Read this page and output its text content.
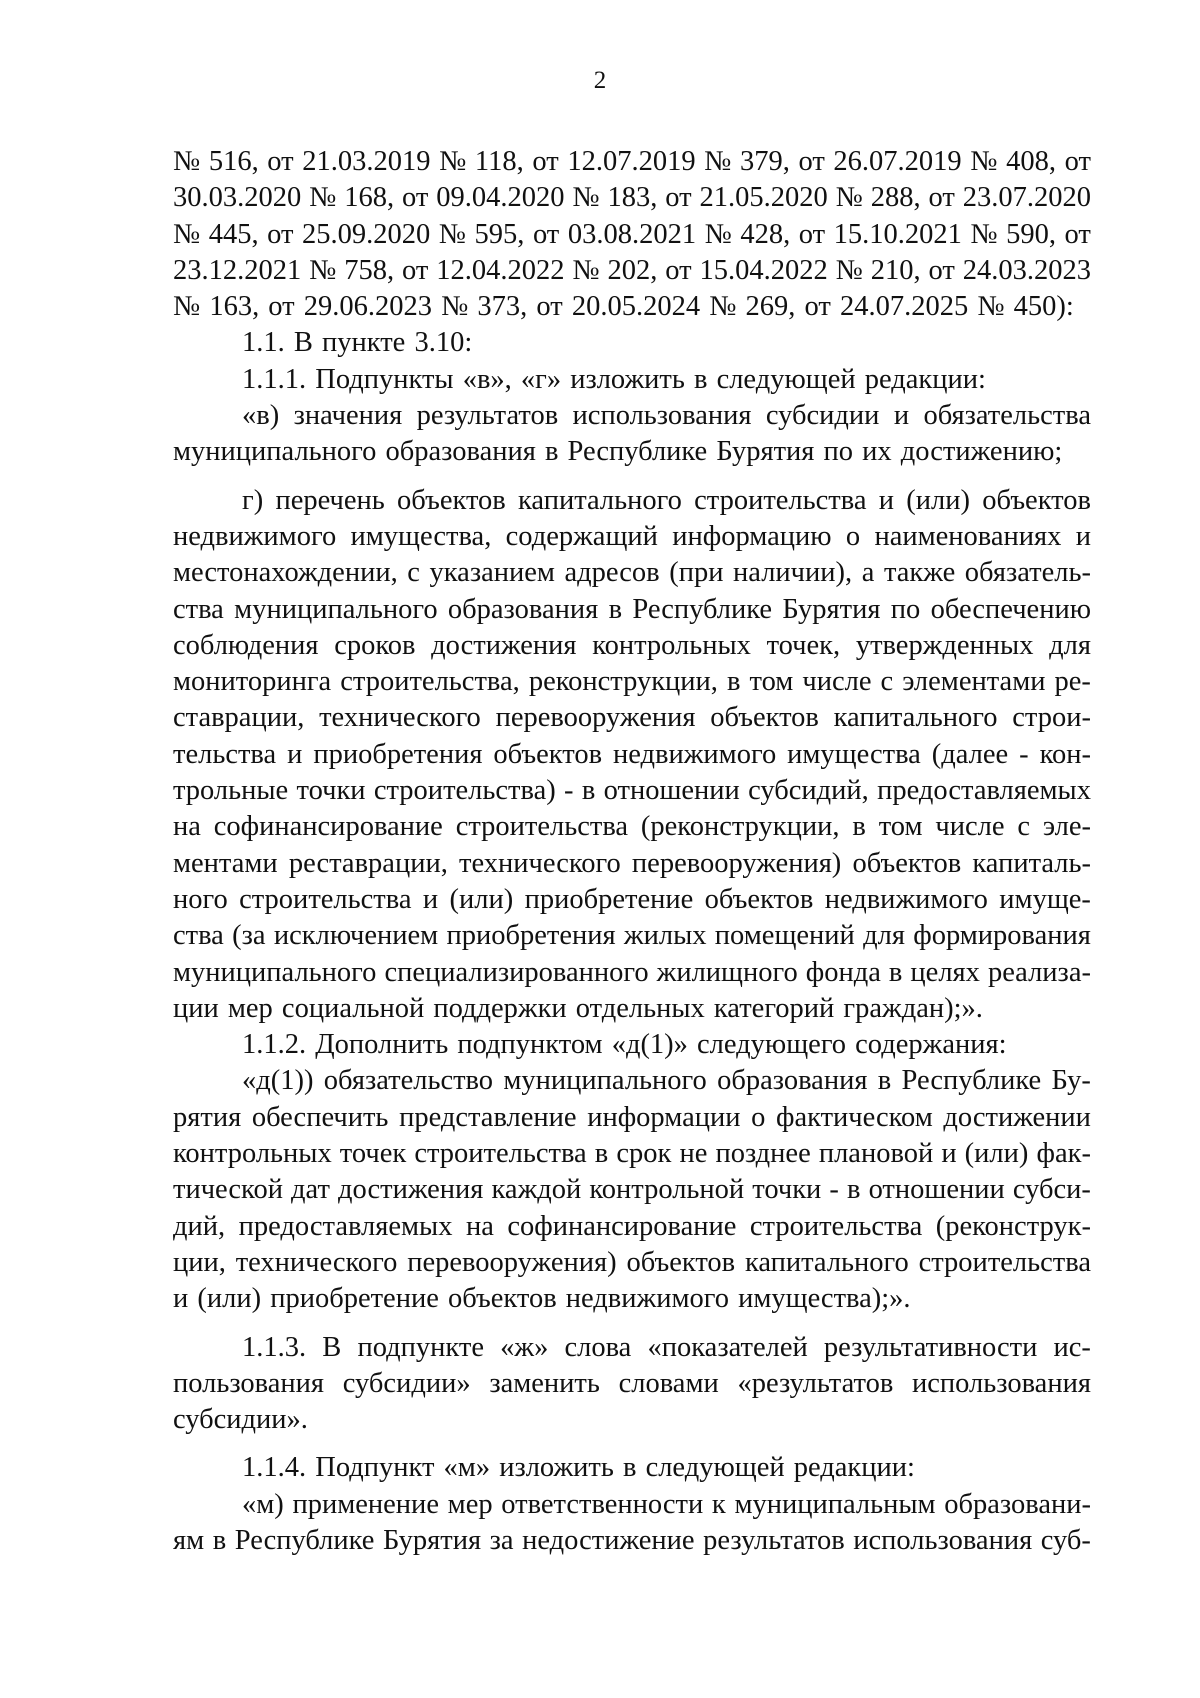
2
№ 516, от 21.03.2019 № 118, от 12.07.2019 № 379, от 26.07.2019 № 408, от
30.03.2020 № 168, от 09.04.2020 № 183, от 21.05.2020 № 288, от 23.07.2020
№ 445, от 25.09.2020 № 595, от 03.08.2021 № 428, от 15.10.2021 № 590, от
23.12.2021 № 758, от 12.04.2022 № 202, от 15.04.2022 № 210, от 24.03.2023
№ 163, от 29.06.2023 № 373, от 20.05.2024 № 269, от 24.07.2025 № 450):
1.1. В пункте 3.10:
1.1.1. Подпункты «в», «г» изложить в следующей редакции:
«в) значения результатов использования субсидии и обязательства
муниципального образования в Республике Бурятия по их достижению;
г) перечень объектов капитального строительства и (или) объектов
недвижимого имущества, содержащий информацию о наименованиях и
местонахождении, с указанием адресов (при наличии), а также обязатель-
ства муниципального образования в Республике Бурятия по обеспечению
соблюдения сроков достижения контрольных точек, утвержденных для
мониторинга строительства, реконструкции, в том числе с элементами ре-
ставрации, технического перевооружения объектов капитального строи-
тельства и приобретения объектов недвижимого имущества (далее - кон-
трольные точки строительства) - в отношении субсидий, предоставляемых
на софинансирование строительства (реконструкции, в том числе с эле-
ментами реставрации, технического перевооружения) объектов капиталь-
ного строительства и (или) приобретение объектов недвижимого имуще-
ства (за исключением приобретения жилых помещений для формирования
муниципального специализированного жилищного фонда в целях реализа-
ции мер социальной поддержки отдельных категорий граждан);».
1.1.2. Дополнить подпунктом «д(1)» следующего содержания:
«д(1)) обязательство муниципального образования в Республике Бу-
рятия обеспечить представление информации о фактическом достижении
контрольных точек строительства в срок не позднее плановой и (или) фак-
тической дат достижения каждой контрольной точки - в отношении субси-
дий, предоставляемых на софинансирование строительства (реконструк-
ции, технического перевооружения) объектов капитального строительства
и (или) приобретение объектов недвижимого имущества);».
1.1.3. В подпункте «ж» слова «показателей результативности ис-
пользования субсидии» заменить словами «результатов использования
субсидии».
1.1.4. Подпункт «м» изложить в следующей редакции:
«м) применение мер ответственности к муниципальным образовани-
ям в Республике Бурятия за недостижение результатов использования суб-
